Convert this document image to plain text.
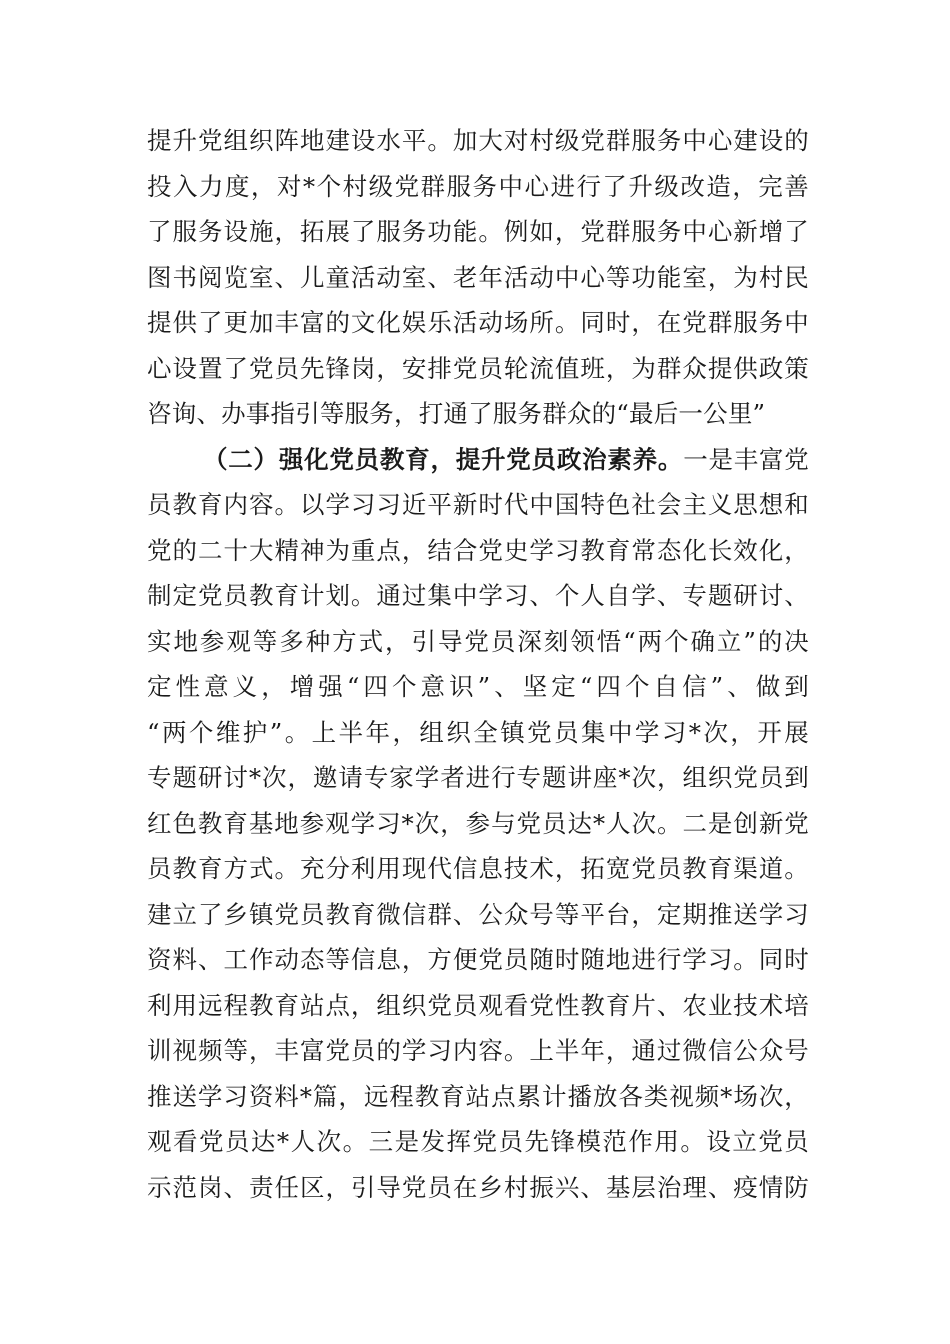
提升党组织阵地建设水平。加大对村级党群服务中心建设的
投入力度，对*个村级党群服务中心进行了升级改造，完善
了服务设施，拓展了服务功能。例如，党群服务中心新增了
图书阅览室、儿童活动室、老年活动中心等功能室，为村民
提供了更加丰富的文化娱乐活动场所。同时，在党群服务中
心设置了党员先锋岗，安排党员轮流值班，为群众提供政策
咨询、办事指引等服务，打通了服务群众的“最后一公里”
（二）强化党员教育，提升党员政治素养。一是丰富党
员教育内容。以学习习近平新时代中国特色社会主义思想和
党的二十大精神为重点，结合党史学习教育常态化长效化，
制定党员教育计划。通过集中学习、个人自学、专题研讨、
实地参观等多种方式，引导党员深刻领悟“两个确立”的决
定性意义，增强“四个意识”、坚定“四个自信”、做到
“两个维护”。上半年，组织全镇党员集中学习*次，开展
专题研讨*次，邀请专家学者进行专题讲座*次，组织党员到
红色教育基地参观学习*次，参与党员达*人次。二是创新党
员教育方式。充分利用现代信息技术，拓宽党员教育渠道。
建立了乡镇党员教育微信群、公众号等平台，定期推送学习
资料、工作动态等信息，方便党员随时随地进行学习。同时
利用远程教育站点，组织党员观看党性教育片、农业技术培
训视频等，丰富党员的学习内容。上半年，通过微信公众号
推送学习资料*篇，远程教育站点累计播放各类视频*场次，
观看党员达*人次。三是发挥党员先锋模范作用。设立党员
示范岗、责任区，引导党员在乡村振兴、基层治理、疫情防
